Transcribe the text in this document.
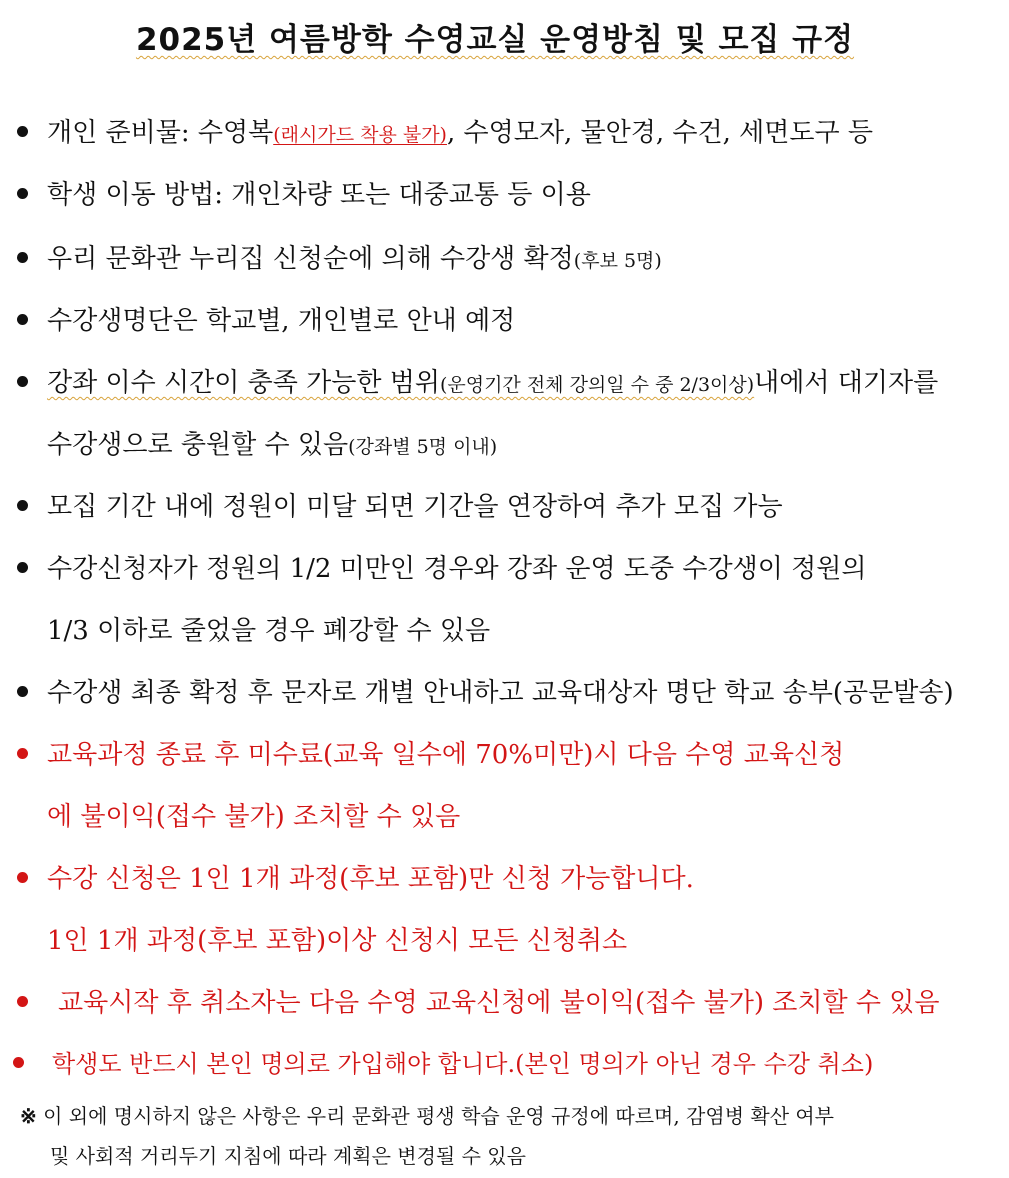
2025년 여름방학 수영교실 운영방침 및 모집 규정
개인 준비물: 수영복(래시가드 착용 불가), 수영모자, 물안경, 수건, 세면도구 등
학생 이동 방법: 개인차량 또는 대중교통 등 이용
우리 문화관 누리집 신청순에 의해 수강생 확정(후보 5명)
수강생명단은 학교별, 개인별로 안내 예정
강좌 이수 시간이 충족 가능한 범위(운영기간 전체 강의일 수 중 2/3이상)내에서 대기자를
수강생으로 충원할 수 있음(강좌별 5명 이내)
모집 기간 내에 정원이 미달 되면 기간을 연장하여 추가 모집 가능
수강신청자가 정원의 1/2 미만인 경우와 강좌 운영 도중 수강생이 정원의
1/3 이하로 줄었을 경우 폐강할 수 있음
수강생 최종 확정 후 문자로 개별 안내하고 교육대상자 명단 학교 송부(공문발송)
교육과정 종료 후 미수료(교육 일수에 70%미만)시 다음 수영 교육신청
에 불이익(접수 불가) 조치할 수 있음
수강 신청은 1인 1개 과정(후보 포함)만 신청 가능합니다.
1인 1개 과정(후보 포함)이상 신청시 모든 신청취소
교육시작 후 취소자는 다음 수영 교육신청에 불이익(접수 불가) 조치할 수 있음
학생도 반드시 본인 명의로 가입해야 합니다.(본인 명의가 아닌 경우 수강 취소)
※ 이 외에 명시하지 않은 사항은 우리 문화관 평생 학습 운영 규정에 따르며, 감염병 확산 여부
및 사회적 거리두기 지침에 따라 계획은 변경될 수 있음
